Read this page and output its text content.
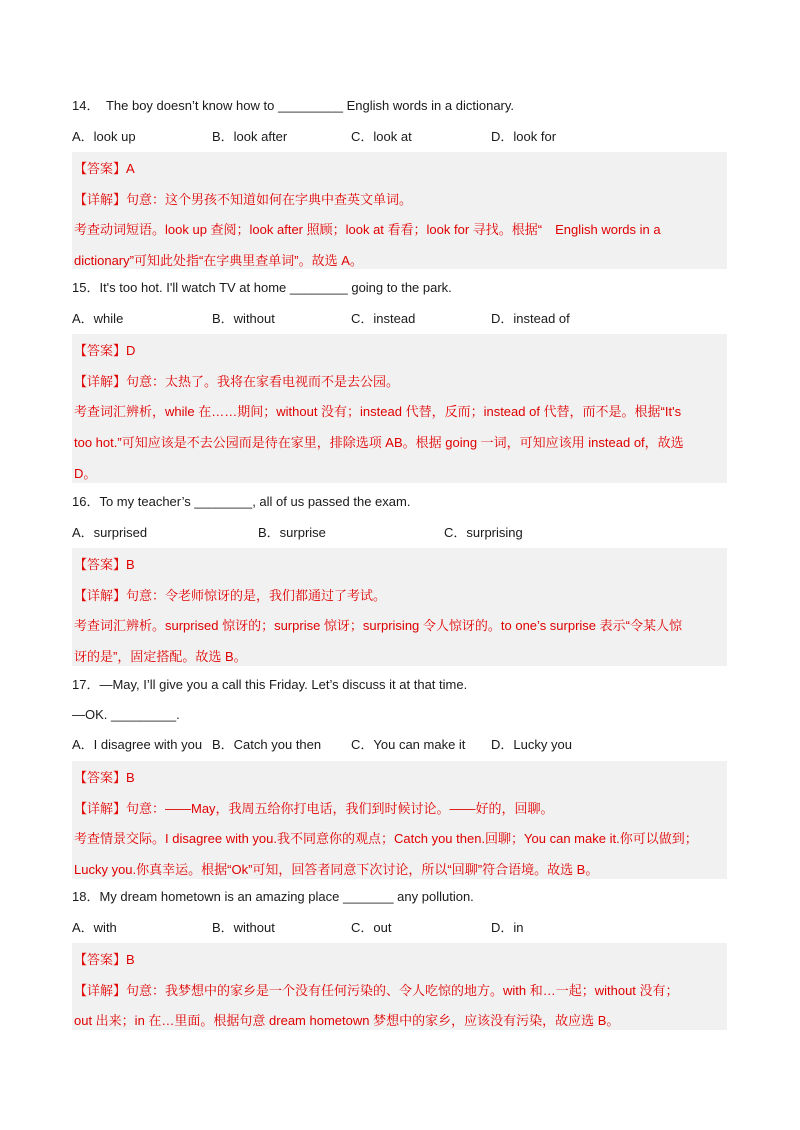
14．　The boy doesn’t know how to _________ English words in a dictionary.
A．look up	B．look after	C．look at	D．look for
【答案】A
【详解】句意：这个男孩不知道如何在字典中查英文单词。
考查动词短语。look up 查阅；look after 照顾；look at 看看；look for 寻找。根据“　English words in a
dictionary”可知此处指“在字典里查单词”。故选 A。
15．It's too hot. I'll watch TV at home ________ going to the park.
A．while	B．without	C．instead	D．instead of
【答案】D
【详解】句意：太热了。我将在家看电视而不是去公园。
考查词汇辨析，while 在……期间；without 没有；instead 代替，反而；instead of 代替，而不是。根据“It's
too hot.”可知应该是不去公园而是待在家里，排除选项 AB。根据 going 一词，可知应该用 instead of，故选
D。
16．To my teacher’s ________, all of us passed the exam.
A．surprised	B．surprise	C．surprising
【答案】B
【详解】句意：令老师惊讶的是，我们都通过了考试。
考查词汇辨析。surprised 惊讶的；surprise 惊讶；surprising 令人惊讶的。to one’s surprise 表示“令某人惊
讶的是”，固定搭配。故选 B。
17．—May, I’ll give you a call this Friday. Let’s discuss it at that time.
—OK. _________.
A．I disagree with you B．Catch you then C．You can make it D．Lucky you
【答案】B
【详解】句意：——May，我周五给你打电话，我们到时候讨论。——好的，回聊。
考查情景交际。I disagree with you.我不同意你的观点；Catch you then.回聊；You can make it.你可以做到；
Lucky you.你真幸运。根据“Ok”可知，回答者同意下次讨论，所以“回聊”符合语境。故选 B。
18．My dream hometown is an amazing place _______ any pollution.
A．with	B．without	C．out	D．in
【答案】B
【详解】句意：我梦想中的家乡是一个没有任何污染的、令人吃惊的地方。with 和…一起；without 没有；
out 出来；in 在…里面。根据句意 dream hometown 梦想中的家乡，应该没有污染，故应选 B。
